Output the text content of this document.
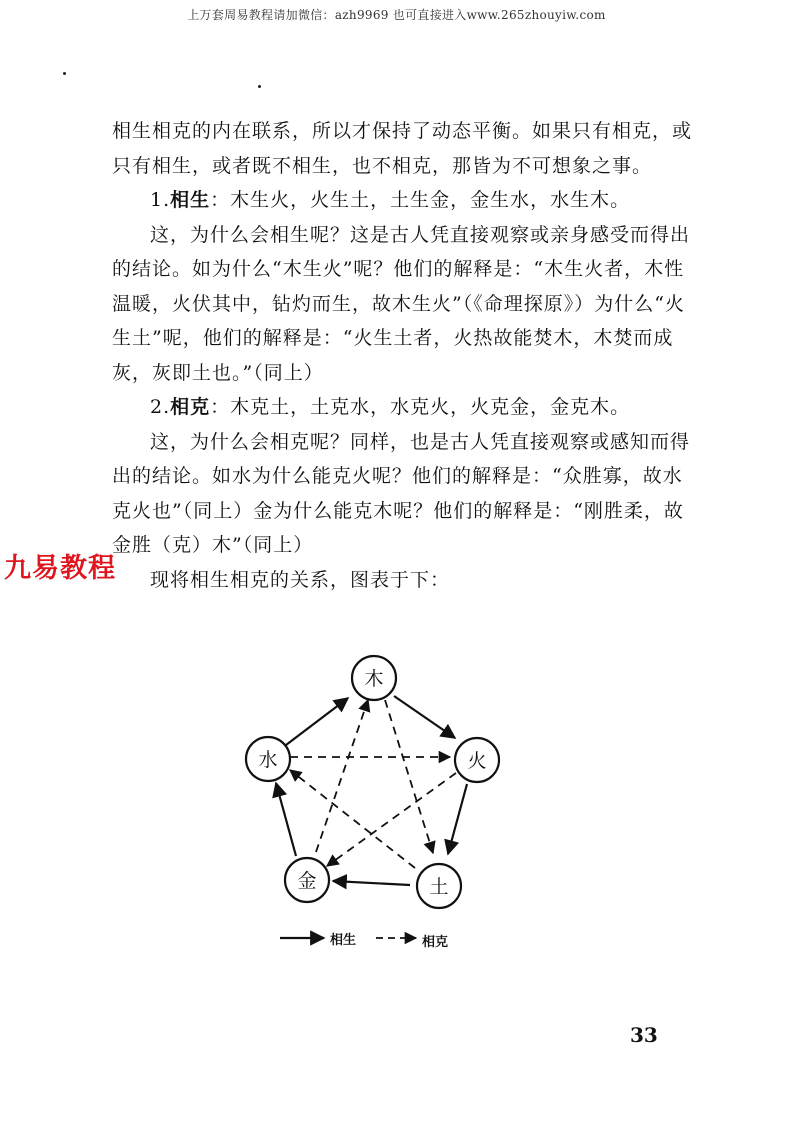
上万套周易教程请加微信：azh9969 也可直接进入www.265zhouyiw.com

相生相克的内在联系，所以才保持了动态平衡。如果只有相克，或只有相生，或者既不相生，也不相克，那皆为不可想象之事。

1.相生：木生火，火生土，土生金，金生水，水生木。

这，为什么会相生呢？这是古人凭直接观察或亲身感受而得出的结论。如为什么“木生火”呢？他们的解释是：“木生火者，木性温暖，火伏其中，钻灼而生，故木生火”（《命理探原》）为什么“火生土”呢，他们的解释是：“火生土者，火热故能焚木，木焚而成灰，灰即土也。”（同上）

2.相克：木克土，土克水，水克火，火克金，金克木。

这，为什么会相克呢？同样，也是古人凭直接观察或感知而得出的结论。如水为什么能克火呢？他们的解释是：“众胜寡，故水克火也”（同上）金为什么能克木呢？他们的解释是：“刚胜柔，故金胜（克）木”（同上）

现将相生相克的关系，图表于下：

九易教程
木
火
土
金
水
相生	相克
33
